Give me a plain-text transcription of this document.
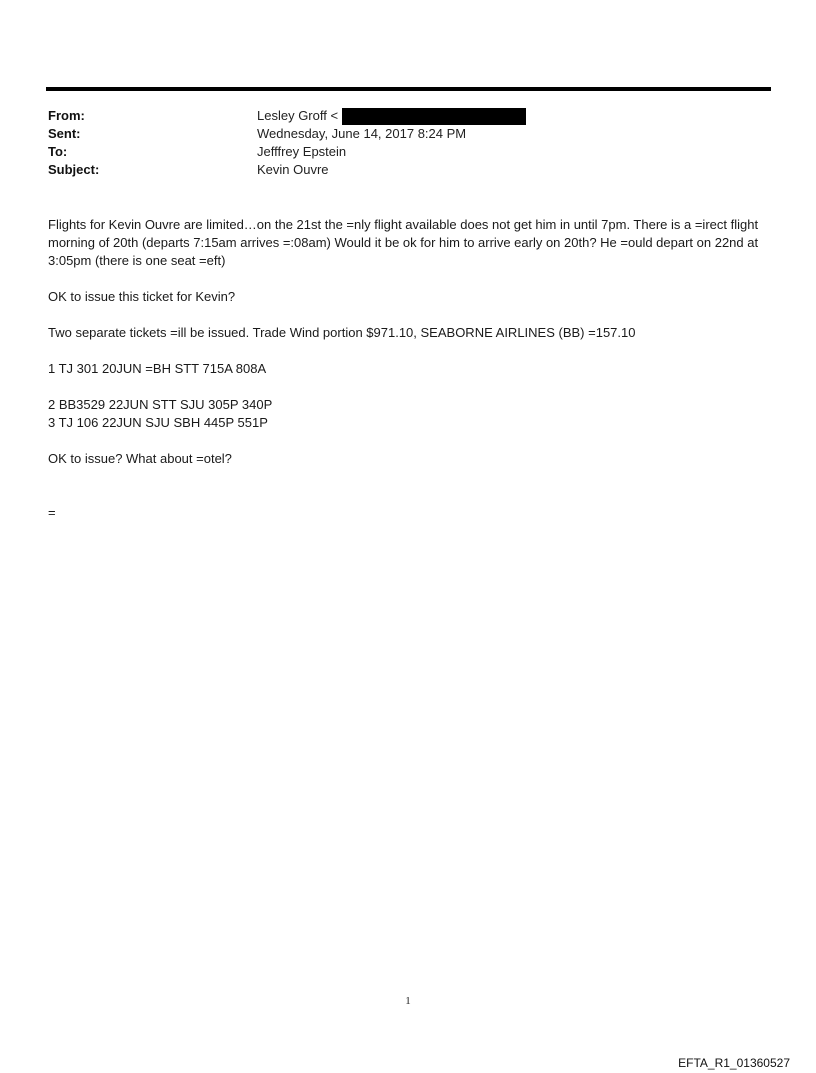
From:	Lesley Groff <
Sent:	Wednesday, June 14, 2017 8:24 PM
To:	Jefffrey Epstein
Subject:	Kevin Ouvre

Flights for Kevin Ouvre are limited…on the 21st the =nly flight available does not get him in until 7pm. There is a =irect flight morning of 20th (departs 7:15am arrives =:08am) Would it be ok for him to arrive early on 20th? He =ould depart on 22nd at 3:05pm (there is one seat =eft)

OK to issue this ticket for Kevin?

Two separate tickets =ill be issued. Trade Wind portion $971.10, SEABORNE AIRLINES (BB) =157.10

1 TJ 301 20JUN =BH STT 715A 808A

2 BB3529 22JUN STT SJU 305P 340P

3 TJ 106 22JUN SJU SBH 445P 551P

OK to issue? What about =otel?

=

1
EFTA_R1_01360527
